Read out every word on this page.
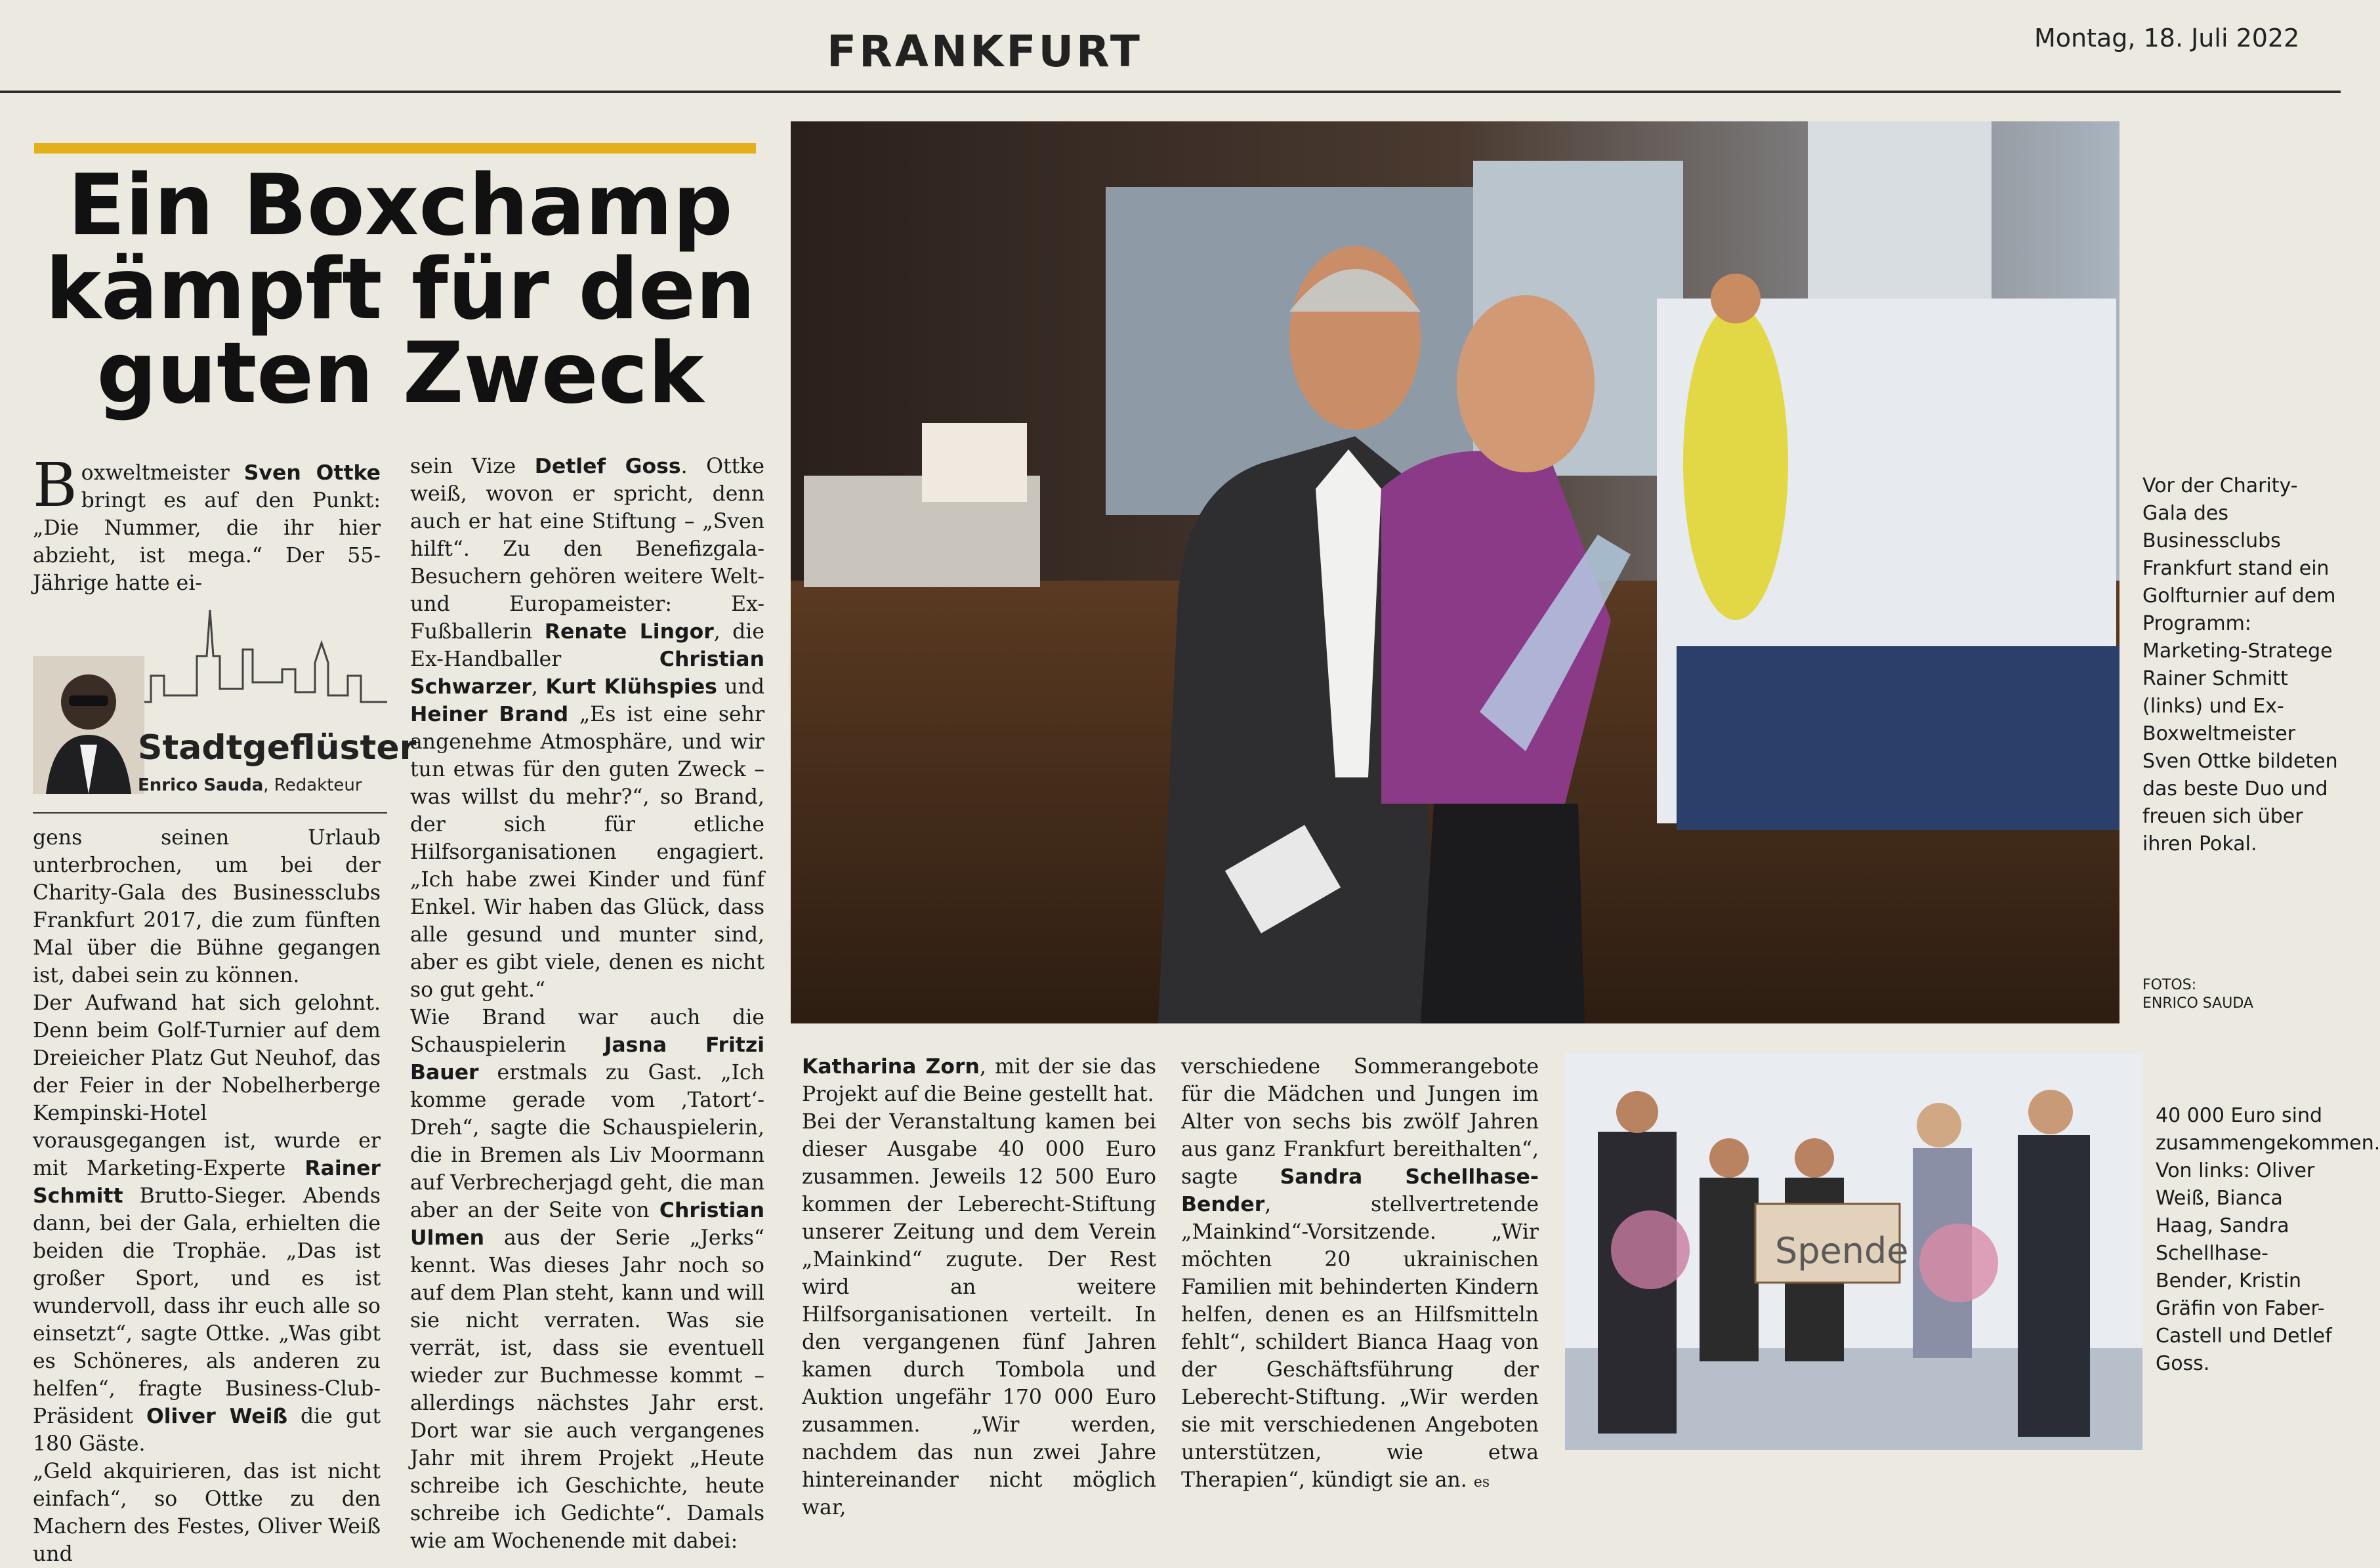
FRANKFURT	Montag, 18. Juli 2022
Ein Boxchamp
kämpft für den
guten Zweck
Boxweltmeister Sven Ottke bringt es auf den Punkt: „Die Nummer, die ihr hier abzieht, ist mega.“ Der 55-Jährige hatte ei-
Stadtgeflüster
Enrico Sauda, Redakteur

gens seinen Urlaub unterbrochen, um bei der Charity-Gala des Businessclubs Frankfurt 2017, die zum fünften Mal über die Bühne gegangen ist, dabei sein zu können.

Der Aufwand hat sich gelohnt. Denn beim Golf-Turnier auf dem Dreieicher Platz Gut Neuhof, das der Feier in der Nobelherberge Kempinski-Hotel vorausgegangen ist, wurde er mit Marketing-Experte Rainer Schmitt Brutto-Sieger. Abends dann, bei der Gala, erhielten die beiden die Trophäe. „Das ist großer Sport, und es ist wundervoll, dass ihr euch alle so einsetzt“, sagte Ottke. „Was gibt es Schöneres, als anderen zu helfen“, fragte Business-Club-Präsident Oliver Weiß die gut 180 Gäste.

„Geld akquirieren, das ist nicht einfach“, so Ottke zu den Machern des Festes, Oliver Weiß und

sein Vize Detlef Goss. Ottke weiß, wovon er spricht, denn auch er hat eine Stiftung – „Sven hilft“. Zu den Benefizgala-Besuchern gehören weitere Welt- und Europameister: Ex-Fußballerin Renate Lingor, die Ex-Handballer Christian Schwarzer, Kurt Klühspies und Heiner Brand „Es ist eine sehr angenehme Atmosphäre, und wir tun etwas für den guten Zweck – was willst du mehr?“, so Brand, der sich für etliche Hilfsorganisationen engagiert. „Ich habe zwei Kinder und fünf Enkel. Wir haben das Glück, dass alle gesund und munter sind, aber es gibt viele, denen es nicht so gut geht.“

Wie Brand war auch die Schauspielerin Jasna Fritzi Bauer erstmals zu Gast. „Ich komme gerade vom ‚Tatort‘-Dreh“, sagte die Schauspielerin, die in Bremen als Liv Moormann auf Verbrecherjagd geht, die man aber an der Seite von Christian Ulmen aus der Serie „Jerks“ kennt. Was dieses Jahr noch so auf dem Plan steht, kann und will sie nicht verraten. Was sie verrät, ist, dass sie eventuell wieder zur Buchmesse kommt – allerdings nächstes Jahr erst. Dort war sie auch vergangenes Jahr mit ihrem Projekt „Heute schreibe ich Geschichte, heute schreibe ich Gedichte“. Damals wie am Wochenende mit dabei:

Vor der Charity-Gala des Businessclubs Frankfurt stand ein Golfturnier auf dem Programm: Marketing-Stratege Rainer Schmitt (links) und Ex-Boxweltmeister Sven Ottke bildeten das beste Duo und freuen sich über ihren Pokal.
FOTOS:
ENRICO SAUDA

Katharina Zorn, mit der sie das Projekt auf die Beine gestellt hat.

Bei der Veranstaltung kamen bei dieser Ausgabe 40 000 Euro zusammen. Jeweils 12 500 Euro kommen der Leberecht-Stiftung unserer Zeitung und dem Verein „Mainkind“ zugute. Der Rest wird an weitere Hilfsorganisationen verteilt. In den vergangenen fünf Jahren kamen durch Tombola und Auktion ungefähr 170 000 Euro zusammen. „Wir werden, nachdem das nun zwei Jahre hintereinander nicht möglich war,

verschiedene Sommerangebote für die Mädchen und Jungen im Alter von sechs bis zwölf Jahren aus ganz Frankfurt bereithalten“, sagte Sandra Schellhase-Bender, stellvertretende „Mainkind“-Vorsitzende. „Wir möchten 20 ukrainischen Familien mit behinderten Kindern helfen, denen es an Hilfsmitteln fehlt“, schildert Bianca Haag von der Geschäftsführung der Leberecht-Stiftung. „Wir werden sie mit verschiedenen Angeboten unterstützen, wie etwa Therapien“, kündigt sie an. es

Spende
40 000 Euro sind zusammengekommen. Von links: Oliver Weiß, Bianca Haag, Sandra Schellhase-Bender, Kristin Gräfin von Faber-Castell und Detlef Goss.
